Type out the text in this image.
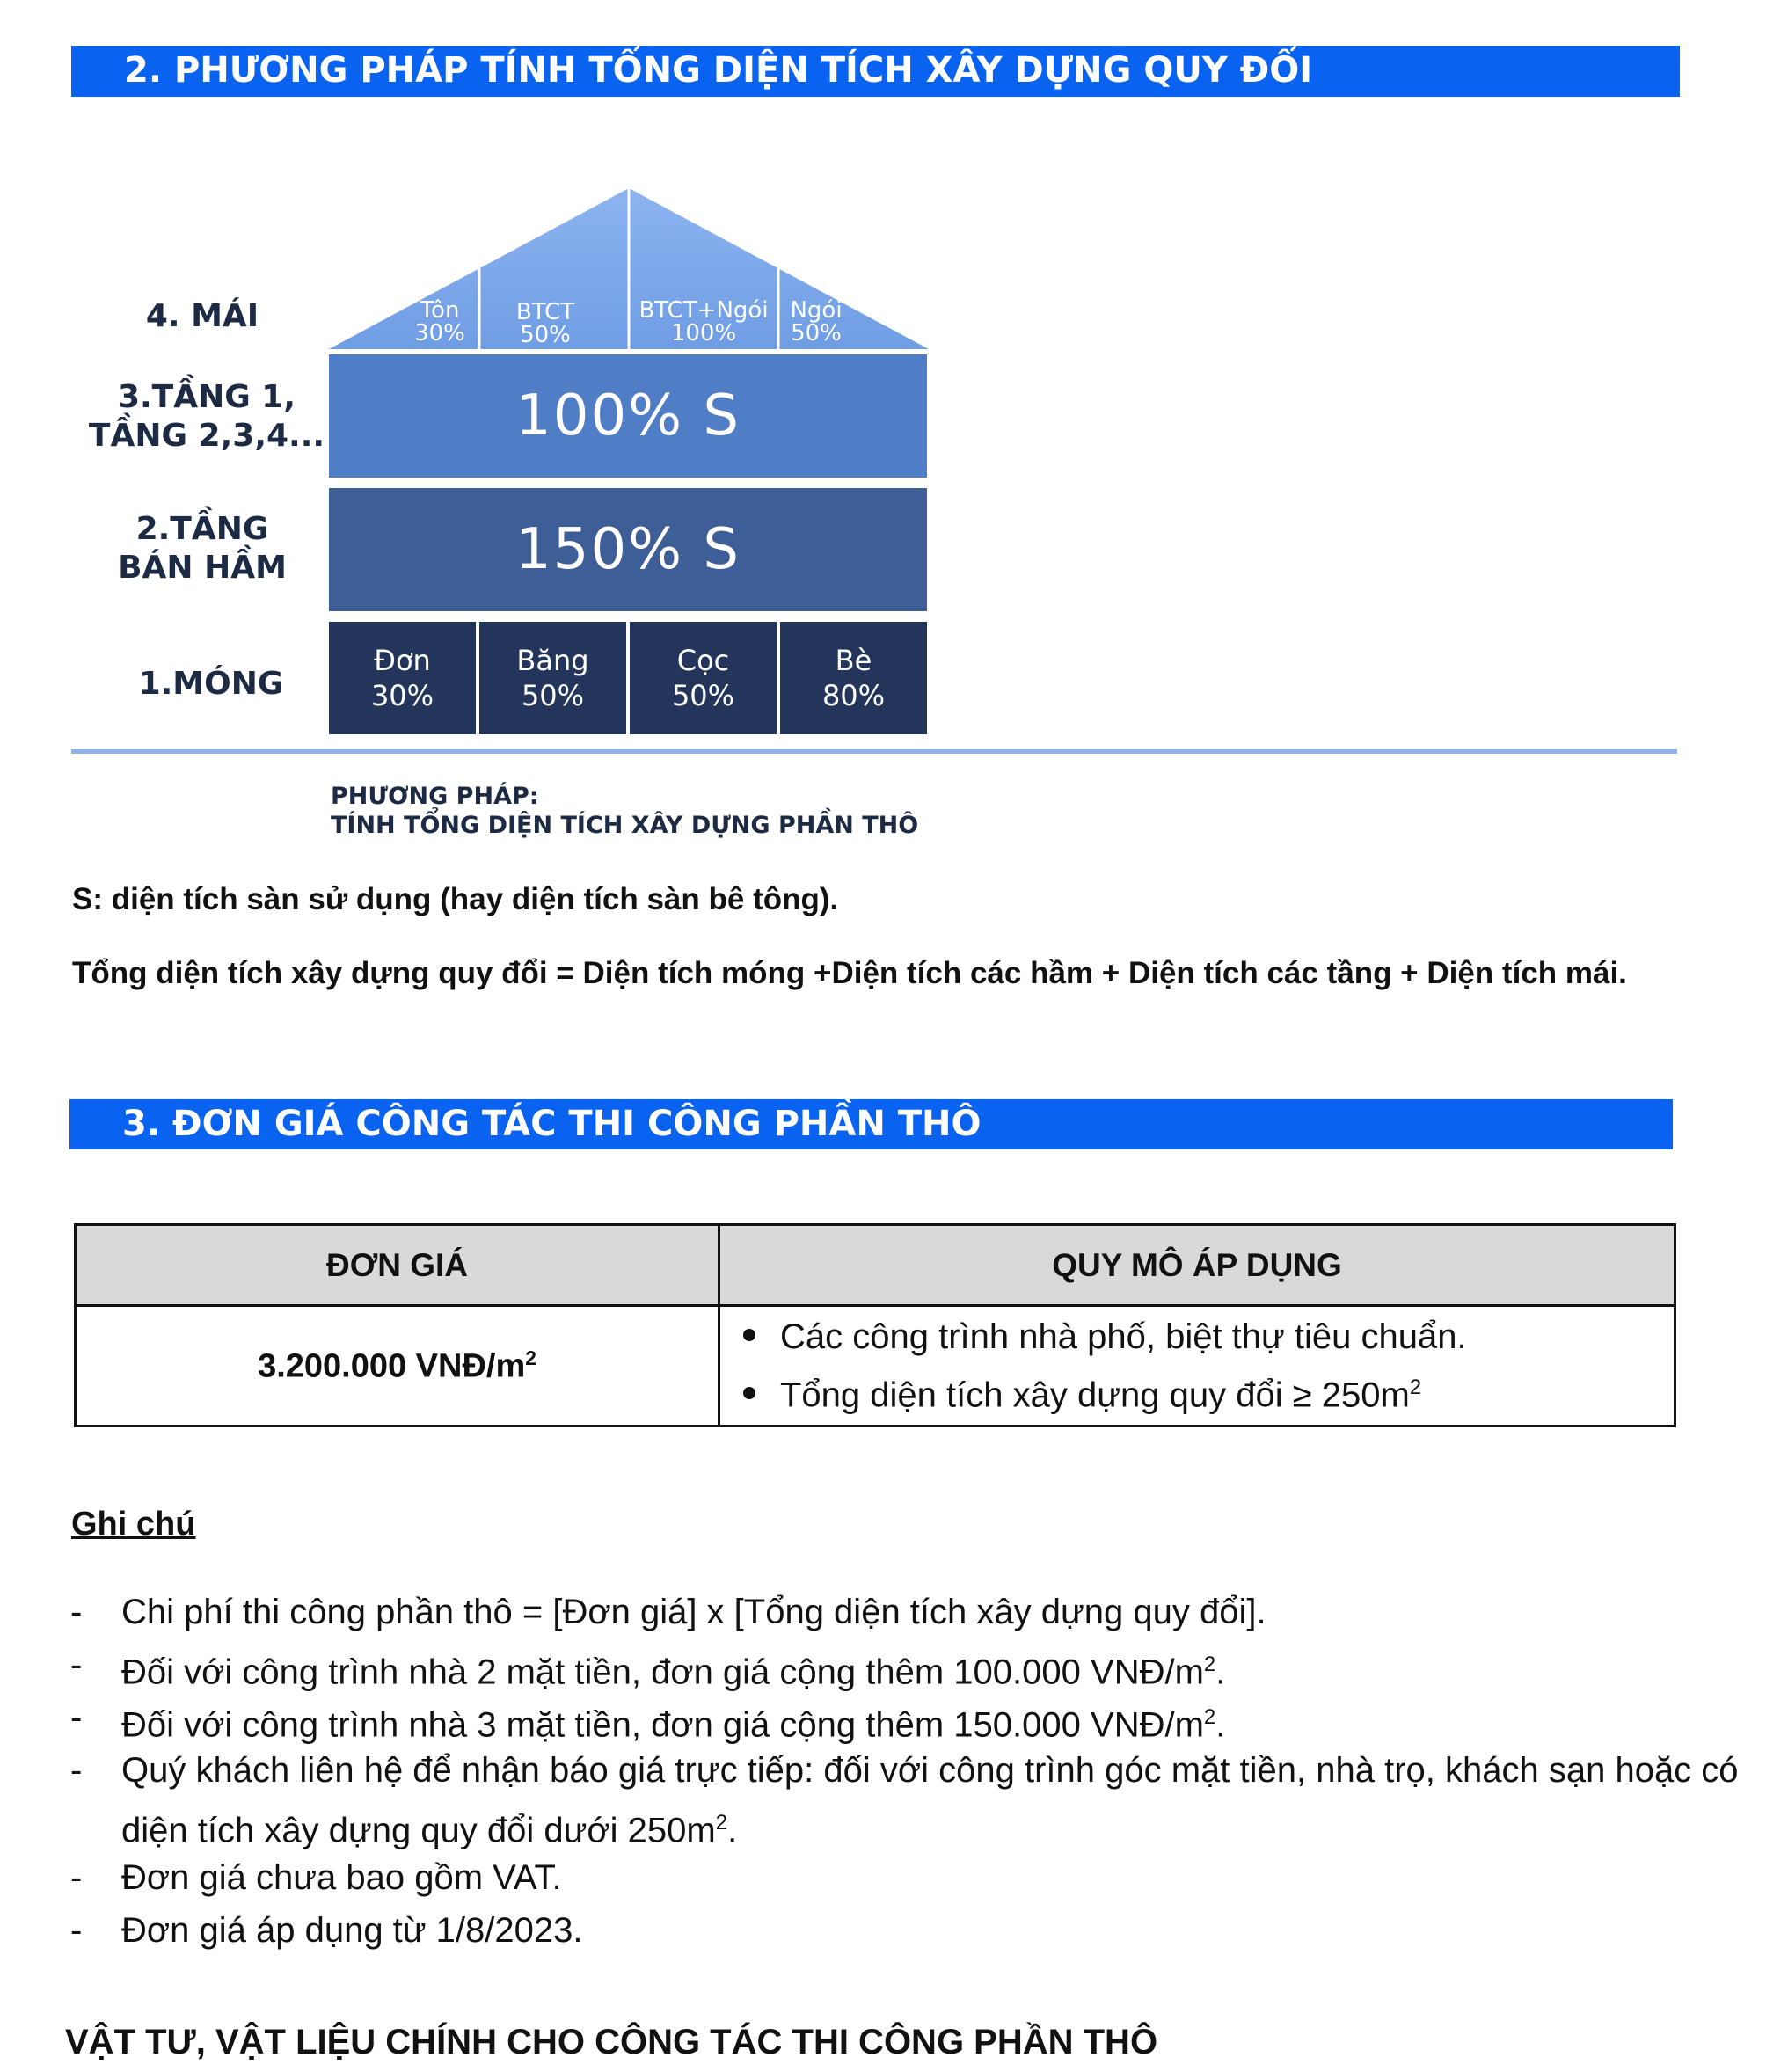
2. PHƯƠNG PHÁP TÍNH TỔNG DIỆN TÍCH XÂY DỰNG QUY ĐỔI
4. MÁI
3.TẦNG 1,
TẦNG 2,3,4...
2.TẦNG
BÁN HẦM
1.MÓNG
Tôn
30%
BTCT
50%
BTCT+Ngói
100%
Ngói
50%
100% S
150% S
Đơn
30%
Băng
50%
Cọc
50%
Bè
80%
PHƯƠNG PHÁP:
TÍNH TỔNG DIỆN TÍCH XÂY DỰNG PHẦN THÔ
S: diện tích sàn sử dụng (hay diện tích sàn bê tông).
Tổng diện tích xây dựng quy đổi = Diện tích móng +Diện tích các hầm + Diện tích các tầng + Diện tích mái.
3. ĐƠN GIÁ CÔNG TÁC THI CÔNG PHẦN THÔ
ĐƠN GIÁ	QUY MÔ ÁP DỤNG
3.200.000 VNĐ/$m^2$	Các công trình nhà phố, biệt thự tiêu chuẩn.
Tổng diện tích xây dựng quy đổi ≥ $250m^2$
Ghi chú
- Chi phí thi công phần thô = [Đơn giá] x [Tổng diện tích xây dựng quy đổi].
- Đối với công trình nhà 2 mặt tiền, đơn giá cộng thêm 100.000 VNĐ/$m^2$.
- Đối với công trình nhà 3 mặt tiền, đơn giá cộng thêm 150.000 VNĐ/$m^2$.
- Quý khách liên hệ để nhận báo giá trực tiếp: đối với công trình góc mặt tiền, nhà trọ, khách sạn hoặc có diện tích xây dựng quy đổi dưới $250m^2$.
- Đơn giá chưa bao gồm VAT.
- Đơn giá áp dụng từ 1/8/2023.
VẬT TƯ, VẬT LIỆU CHÍNH CHO CÔNG TÁC THI CÔNG PHẦN THÔ
